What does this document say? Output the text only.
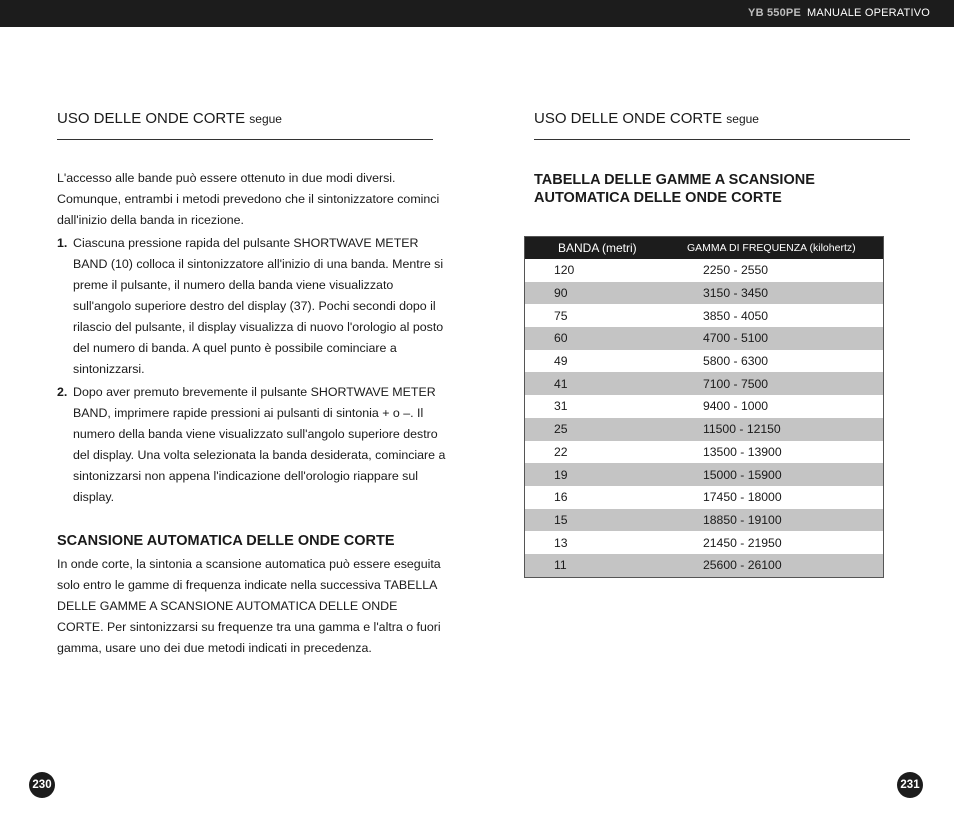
YB 550PE MANUALE OPERATIVO
USO DELLE ONDE CORTE segue

L'accesso alle bande può essere ottenuto in due modi diversi. Comunque, entrambi i metodi prevedono che il sintonizzatore cominci dall'inizio della banda in ricezione.

1. Ciascuna pressione rapida del pulsante SHORTWAVE METER BAND (10) colloca il sintonizzatore all'inizio di una banda. Mentre si preme il pulsante, il numero della banda viene visualizzato sull'angolo superiore destro del display (37). Pochi secondi dopo il rilascio del pulsante, il display visualizza di nuovo l'orologio al posto del numero di banda. A quel punto è possibile cominciare a sintonizzarsi.
2. Dopo aver premuto brevemente il pulsante SHORTWAVE METER BAND, imprimere rapide pressioni ai pulsanti di sintonia + o –. Il numero della banda viene visualizzato sull'angolo superiore destro del display. Una volta selezionata la banda desiderata, cominciare a sintonizzarsi non appena l'indicazione dell'orologio riappare sul display.
SCANSIONE AUTOMATICA DELLE ONDE CORTE

In onde corte, la sintonia a scansione automatica può essere eseguita solo entro le gamme di frequenza indicate nella successiva TABELLA DELLE GAMME A SCANSIONE AUTOMATICA DELLE ONDE CORTE. Per sintonizzarsi su frequenze tra una gamma e l'altra o fuori gamma, usare uno dei due metodi indicati in precedenza.

USO DELLE ONDE CORTE segue
TABELLA DELLE GAMME A SCANSIONE
AUTOMATICA DELLE ONDE CORTE
BANDA (metri)	GAMMA DI FREQUENZA (kilohertz)
120	2250 - 2550
90	3150 - 3450
75	3850 - 4050
60	4700 - 5100
49	5800 - 6300
41	7100 - 7500
31	9400 - 1000
25	11500 - 12150
22	13500 - 13900
19	15000 - 15900
16	17450 - 18000
15	18850 - 19100
13	21450 - 21950
11	25600 - 26100
230	231
